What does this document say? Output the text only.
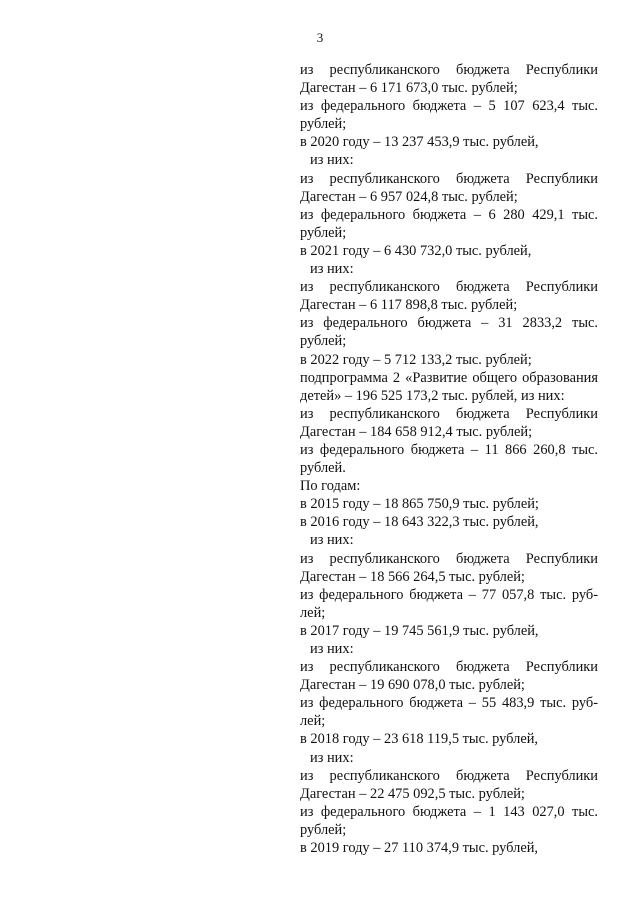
3
из республиканского бюджета Республики
Дагестан – 6 171 673,0 тыс. рублей;
из федерального бюджета – 5 107 623,4 тыс.
рублей;
в 2020 году – 13 237 453,9 тыс. рублей,
из них:
из республиканского бюджета Республики
Дагестан – 6 957 024,8 тыс. рублей;
из федерального бюджета – 6 280 429,1 тыс.
рублей;
в 2021 году – 6 430 732,0 тыс. рублей,
из них:
из республиканского бюджета Республики
Дагестан – 6 117 898,8 тыс. рублей;
из федерального бюджета – 31 2833,2 тыс.
рублей;
в 2022 году – 5 712 133,2 тыс. рублей;
подпрограмма 2 «Развитие общего образования
детей» – 196 525 173,2 тыс. рублей, из них:
из республиканского бюджета Республики
Дагестан – 184 658 912,4 тыс. рублей;
из федерального бюджета – 11 866 260,8 тыс.
рублей.
По годам:
в 2015 году – 18 865 750,9 тыс. рублей;
в 2016 году – 18 643 322,3 тыс. рублей,
из них:
из республиканского бюджета Республики
Дагестан – 18 566 264,5 тыс. рублей;
из федерального бюджета – 77 057,8 тыс. руб-
лей;
в 2017 году – 19 745 561,9 тыс. рублей,
из них:
из республиканского бюджета Республики
Дагестан – 19 690 078,0 тыс. рублей;
из федерального бюджета – 55 483,9 тыс. руб-
лей;
в 2018 году – 23 618 119,5 тыс. рублей,
из них:
из республиканского бюджета Республики
Дагестан – 22 475 092,5 тыс. рублей;
из федерального бюджета – 1 143 027,0 тыс.
рублей;
в 2019 году – 27 110 374,9 тыс. рублей,
